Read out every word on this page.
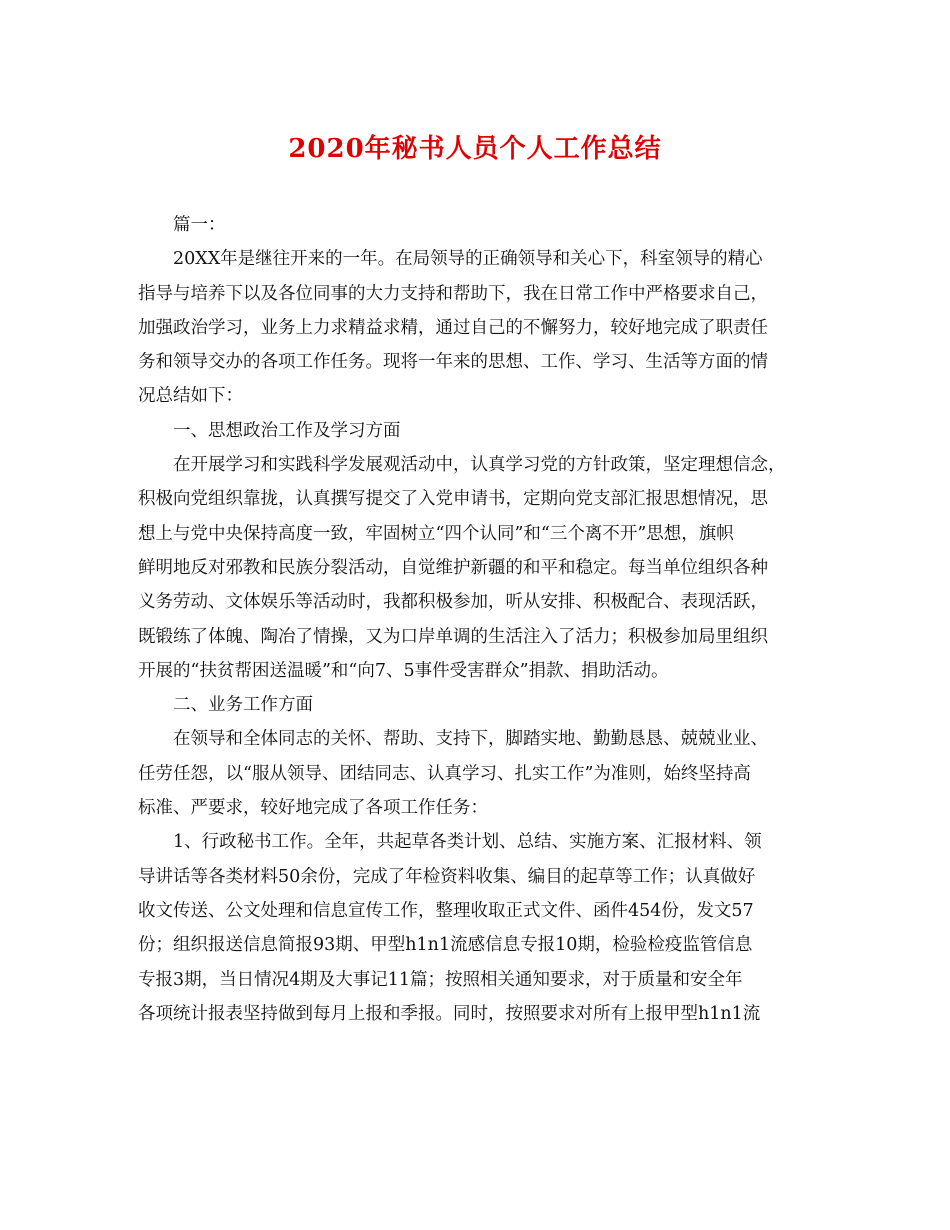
2020年秘书人员个人工作总结
篇一：
20XX年是继往开来的一年。在局领导的正确领导和关心下，科室领导的精心
指导与培养下以及各位同事的大力支持和帮助下，我在日常工作中严格要求自己，
加强政治学习，业务上力求精益求精，通过自己的不懈努力，较好地完成了职责任
务和领导交办的各项工作任务。现将一年来的思想、工作、学习、生活等方面的情
况总结如下：
一、思想政治工作及学习方面
在开展学习和实践科学发展观活动中，认真学习党的方针政策，坚定理想信念，
积极向党组织靠拢，认真撰写提交了入党申请书，定期向党支部汇报思想情况，思
想上与党中央保持高度一致，牢固树立“四个认同”和“三个离不开”思想，旗帜
鲜明地反对邪教和民族分裂活动，自觉维护新疆的和平和稳定。每当单位组织各种
义务劳动、文体娱乐等活动时，我都积极参加，听从安排、积极配合、表现活跃，
既锻练了体魄、陶冶了情操，又为口岸单调的生活注入了活力；积极参加局里组织
开展的“扶贫帮困送温暖”和“向7、5事件受害群众”捐款、捐助活动。
二、业务工作方面
在领导和全体同志的关怀、帮助、支持下，脚踏实地、勤勤恳恳、兢兢业业、
任劳任怨，以“服从领导、团结同志、认真学习、扎实工作”为准则，始终坚持高
标准、严要求，较好地完成了各项工作任务：
1、行政秘书工作。全年，共起草各类计划、总结、实施方案、汇报材料、领
导讲话等各类材料50余份，完成了年检资料收集、编目的起草等工作；认真做好
收文传送、公文处理和信息宣传工作，整理收取正式文件、函件454份，发文57
份；组织报送信息简报93期、甲型h1n1流感信息专报10期，检验检疫监管信息
专报3期，当日情况4期及大事记11篇；按照相关通知要求，对于质量和安全年
各项统计报表坚持做到每月上报和季报。同时，按照要求对所有上报甲型h1n1流
